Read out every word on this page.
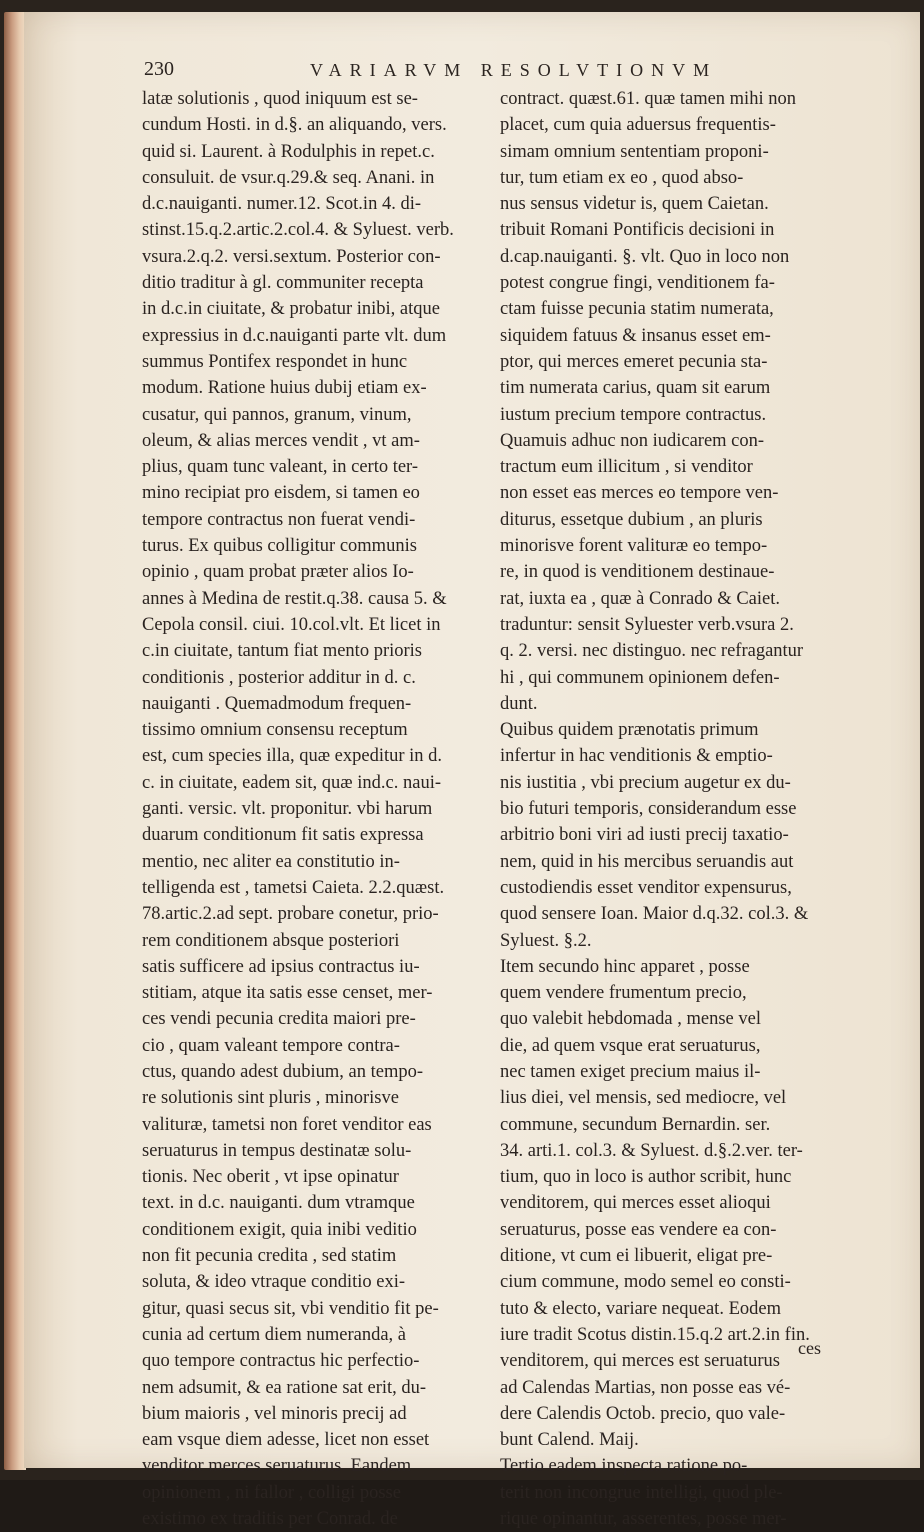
230	VARIARVM RESOLVTIONVM
latæ solutionis , quod iniquum est se-
cundum Hosti. in d.§. an aliquando, vers.
quid si. Laurent. à Rodulphis in repet.c.
consuluit. de vsur.q.29.& seq. Anani. in
d.c.nauiganti. numer.12. Scot.in 4. di-
stinst.15.q.2.artic.2.col.4. & Syluest. verb.
vsura.2.q.2. versi.sextum. Posterior con-
ditio traditur à gl. communiter recepta
in d.c.in ciuitate, & probatur inibi, atque
expressius in d.c.nauiganti parte vlt. dum
summus Pontifex respondet in hunc
modum. Ratione huius dubij etiam ex-
cusatur, qui pannos, granum, vinum,
oleum, & alias merces vendit , vt am-
plius, quam tunc valeant, in certo ter-
mino recipiat pro eisdem, si tamen eo
tempore contractus non fuerat vendi-
turus. Ex quibus colligitur communis
opinio , quam probat præter alios Io-
annes à Medina de restit.q.38. causa 5. &
Cepola consil. ciui. 10.col.vlt. Et licet in
c.in ciuitate, tantum fiat mento prioris
conditionis , posterior additur in d. c.
nauiganti . Quemadmodum frequen-
tissimo omnium consensu receptum
est, cum species illa, quæ expeditur in d.
c. in ciuitate, eadem sit, quæ ind.c. naui-
ganti. versic. vlt. proponitur. vbi harum
duarum conditionum fit satis expressa
mentio, nec aliter ea constitutio in-
telligenda est , tametsi Caieta. 2.2.quæst.
78.artic.2.ad sept. probare conetur, prio-
rem conditionem absque posteriori
satis sufficere ad ipsius contractus iu-
stitiam, atque ita satis esse censet, mer-
ces vendi pecunia credita maiori pre-
cio , quam valeant tempore contra-
ctus, quando adest dubium, an tempo-
re solutionis sint pluris , minorisve
valituræ, tametsi non foret venditor eas
seruaturus in tempus destinatæ solu-
tionis. Nec oberit , vt ipse opinatur
text. in d.c. nauiganti. dum vtramque
conditionem exigit, quia inibi veditio
non fit pecunia credita , sed statim
soluta, & ideo vtraque conditio exi-
gitur, quasi secus sit, vbi venditio fit pe-
cunia ad certum diem numeranda, à
quo tempore contractus hic perfectio-
nem adsumit, & ea ratione sat erit, du-
bium maioris , vel minoris precij ad
eam vsque diem adesse, licet non esset
venditor merces seruaturus. Eandem
opinionem , ni fallor , colligi posse
existimo ex traditis per Conrad. de
contract. quæst.61. quæ tamen mihi non
placet, cum quia aduersus frequentis-
simam omnium sententiam proponi-
tur, tum etiam ex eo , quod abso-
nus sensus videtur is, quem Caietan.
tribuit Romani Pontificis decisioni in
d.cap.nauiganti. §. vlt. Quo in loco non
potest congrue fingi, venditionem fa-
ctam fuisse pecunia statim numerata,
siquidem fatuus & insanus esset em-
ptor, qui merces emeret pecunia sta-
tim numerata carius, quam sit earum
iustum precium tempore contractus.
Quamuis adhuc non iudicarem con-
tractum eum illicitum , si venditor
non esset eas merces eo tempore ven-
diturus, essetque dubium , an pluris
minorisve forent valituræ eo tempo-
re, in quod is venditionem destinaue-
rat, iuxta ea , quæ à Conrado & Caiet.
traduntur: sensit Syluester verb.vsura 2.
q. 2. versi. nec distinguo. nec refragantur
hi , qui communem opinionem defen-
dunt.
Quibus quidem prænotatis primum
infertur in hac venditionis & emptio-
nis iustitia , vbi precium augetur ex du-
bio futuri temporis, considerandum esse
arbitrio boni viri ad iusti precij taxatio-
nem, quid in his mercibus seruandis aut
custodiendis esset venditor expensurus,
quod sensere Ioan. Maior d.q.32. col.3. &
Syluest. §.2.
Item secundo hinc apparet , posse
quem vendere frumentum precio,
quo valebit hebdomada , mense vel
die, ad quem vsque erat seruaturus,
nec tamen exiget precium maius il-
lius diei, vel mensis, sed mediocre, vel
commune, secundum Bernardin. ser.
34. arti.1. col.3. & Syluest. d.§.2.ver. ter-
tium, quo in loco is author scribit, hunc
venditorem, qui merces esset alioqui
seruaturus, posse eas vendere ea con-
ditione, vt cum ei libuerit, eligat pre-
cium commune, modo semel eo consti-
tuto & electo, variare nequeat. Eodem
iure tradit Scotus distin.15.q.2 art.2.in fin.
venditorem, qui merces est seruaturus
ad Calendas Martias, non posse eas vé-
dere Calendis Octob. precio, quo vale-
bunt Calend. Maij.
Tertio eadem inspecta ratione po-
terit non incongrue intelligi, quod ple-
rique opinantur, asserentes, posse mer-
ces
